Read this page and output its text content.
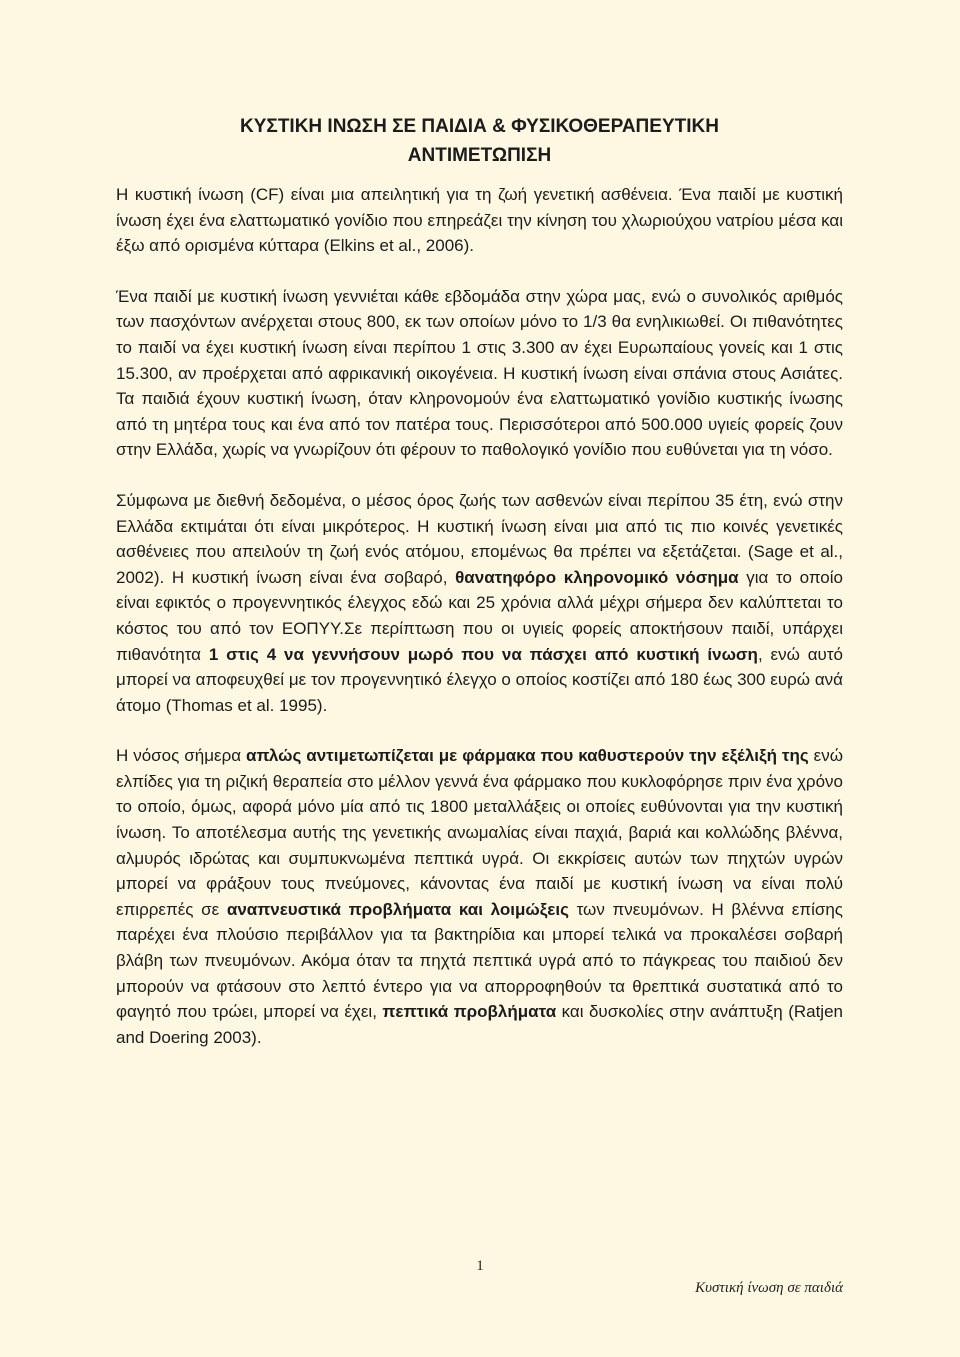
ΚΥΣΤΙΚΗ ΙΝΩΣΗ ΣΕ ΠΑΙΔΙΑ & ΦΥΣΙΚΟΘΕΡΑΠΕΥΤΙΚΗ
ΑΝΤΙΜΕΤΩΠΙΣΗ

Η κυστική ίνωση (CF) είναι μια απειλητική για τη ζωή γενετική ασθένεια. Ένα παιδί με κυστική ίνωση έχει ένα ελαττωματικό γονίδιο που επηρεάζει την κίνηση του χλωριούχου νατρίου μέσα και έξω από ορισμένα κύτταρα (Elkins et al., 2006).

Ένα παιδί με κυστική ίνωση γεννιέται κάθε εβδομάδα στην χώρα μας, ενώ ο συνολικός αριθμός των πασχόντων ανέρχεται στους 800, εκ των οποίων μόνο το 1/3 θα ενηλικιωθεί. Οι πιθανότητες το παιδί να έχει κυστική ίνωση είναι περίπου 1 στις 3.300 αν έχει Ευρωπαίους γονείς και 1 στις 15.300, αν προέρχεται από αφρικανική οικογένεια. Η κυστική ίνωση είναι σπάνια στους Ασιάτες. Τα παιδιά έχουν κυστική ίνωση, όταν κληρονομούν ένα ελαττωματικό γονίδιο κυστικής ίνωσης από τη μητέρα τους και ένα από τον πατέρα τους. Περισσότεροι από 500.000 υγιείς φορείς ζουν στην Ελλάδα, χωρίς να γνωρίζουν ότι φέρουν το παθολογικό γονίδιο που ευθύνεται για τη νόσο.

Σύμφωνα με διεθνή δεδομένα, ο μέσος όρος ζωής των ασθενών είναι περίπου 35 έτη, ενώ στην Ελλάδα εκτιμάται ότι είναι μικρότερος. Η κυστική ίνωση είναι μια από τις πιο κοινές γενετικές ασθένειες που απειλούν τη ζωή ενός ατόμου, επομένως θα πρέπει να εξετάζεται. (Sage et al., 2002). Η κυστική ίνωση είναι ένα σοβαρό, θανατηφόρο κληρονομικό νόσημα για το οποίο είναι εφικτός ο προγεννητικός έλεγχος εδώ και 25 χρόνια αλλά μέχρι σήμερα δεν καλύπτεται το κόστος του από τον ΕΟΠΥΥ.Σε περίπτωση που οι υγιείς φορείς αποκτήσουν παιδί, υπάρχει πιθανότητα 1 στις 4 να γεννήσουν μωρό που να πάσχει από κυστική ίνωση, ενώ αυτό μπορεί να αποφευχθεί με τον προγεννητικό έλεγχο ο οποίος κοστίζει από 180 έως 300 ευρώ ανά άτομο (Thomas et al. 1995).

Η νόσος σήμερα απλώς αντιμετωπίζεται με φάρμακα που καθυστερούν την εξέλιξή της ενώ ελπίδες για τη ριζική θεραπεία στο μέλλον γεννά ένα φάρμακο που κυκλοφόρησε πριν ένα χρόνο το οποίο, όμως, αφορά μόνο μία από τις 1800 μεταλλάξεις οι οποίες ευθύνονται για την κυστική ίνωση. Το αποτέλεσμα αυτής της γενετικής ανωμαλίας είναι παχιά, βαριά και κολλώδης βλέννα, αλμυρός ιδρώτας και συμπυκνωμένα πεπτικά υγρά. Οι εκκρίσεις αυτών των πηχτών υγρών μπορεί να φράξουν τους πνεύμονες, κάνοντας ένα παιδί με κυστική ίνωση να είναι πολύ επιρρεπές σε αναπνευστικά προβλήματα και λοιμώξεις των πνευμόνων. Η βλέννα επίσης παρέχει ένα πλούσιο περιβάλλον για τα βακτηρίδια και μπορεί τελικά να προκαλέσει σοβαρή βλάβη των πνευμόνων. Ακόμα όταν τα πηχτά πεπτικά υγρά από το πάγκρεας του παιδιού δεν μπορούν να φτάσουν στο λεπτό έντερο για να απορροφηθούν τα θρεπτικά συστατικά από το φαγητό που τρώει, μπορεί να έχει, πεπτικά προβλήματα και δυσκολίες στην ανάπτυξη (Ratjen and Doering 2003).

1
Κυστική ίνωση σε παιδιά
